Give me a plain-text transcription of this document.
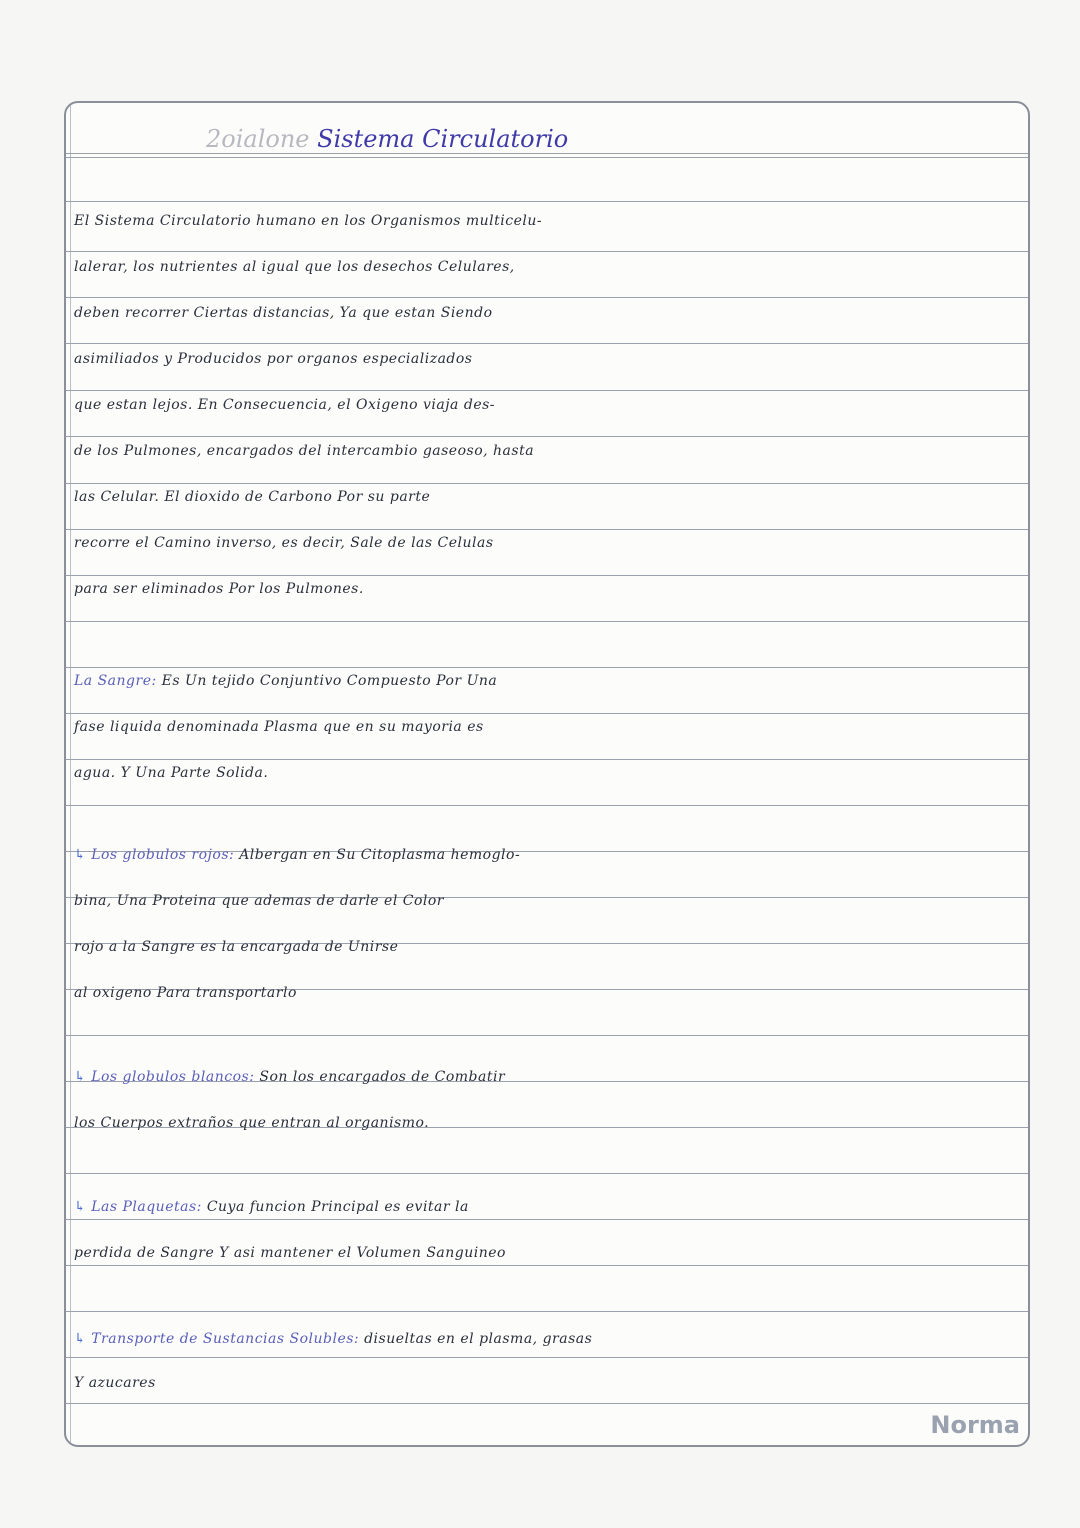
2oialone Sistema Circulatorio
El Sistema Circulatorio humano en los Organismos multicelu-
lalerar, los nutrientes al igual que los desechos Celulares,
deben recorrer Ciertas distancias, Ya que estan Siendo
asimiliados y Producidos por organos especializados
que estan lejos. En Consecuencia, el Oxigeno viaja des-
de los Pulmones, encargados del intercambio gaseoso, hasta
las Celular. El dioxido de Carbono Por su parte
recorre el Camino inverso, es decir, Sale de las Celulas
para ser eliminados Por los Pulmones.
La Sangre: Es Un tejido Conjuntivo Compuesto Por Una
fase liquida denominada Plasma que en su mayoria es
agua. Y Una Parte Solida.
↳ Los globulos rojos: Albergan en Su Citoplasma hemoglo-
bina, Una Proteina que ademas de darle el Color
rojo a la Sangre es la encargada de Unirse
al oxigeno Para transportarlo
↳ Los globulos blancos: Son los encargados de Combatir
los Cuerpos extraños que entran al organismo.
↳ Las Plaquetas: Cuya funcion Principal es evitar la
perdida de Sangre Y asi mantener el Volumen Sanguineo
↳ Transporte de Sustancias Solubles: disueltas en el plasma, grasas
Y azucares
Norma
